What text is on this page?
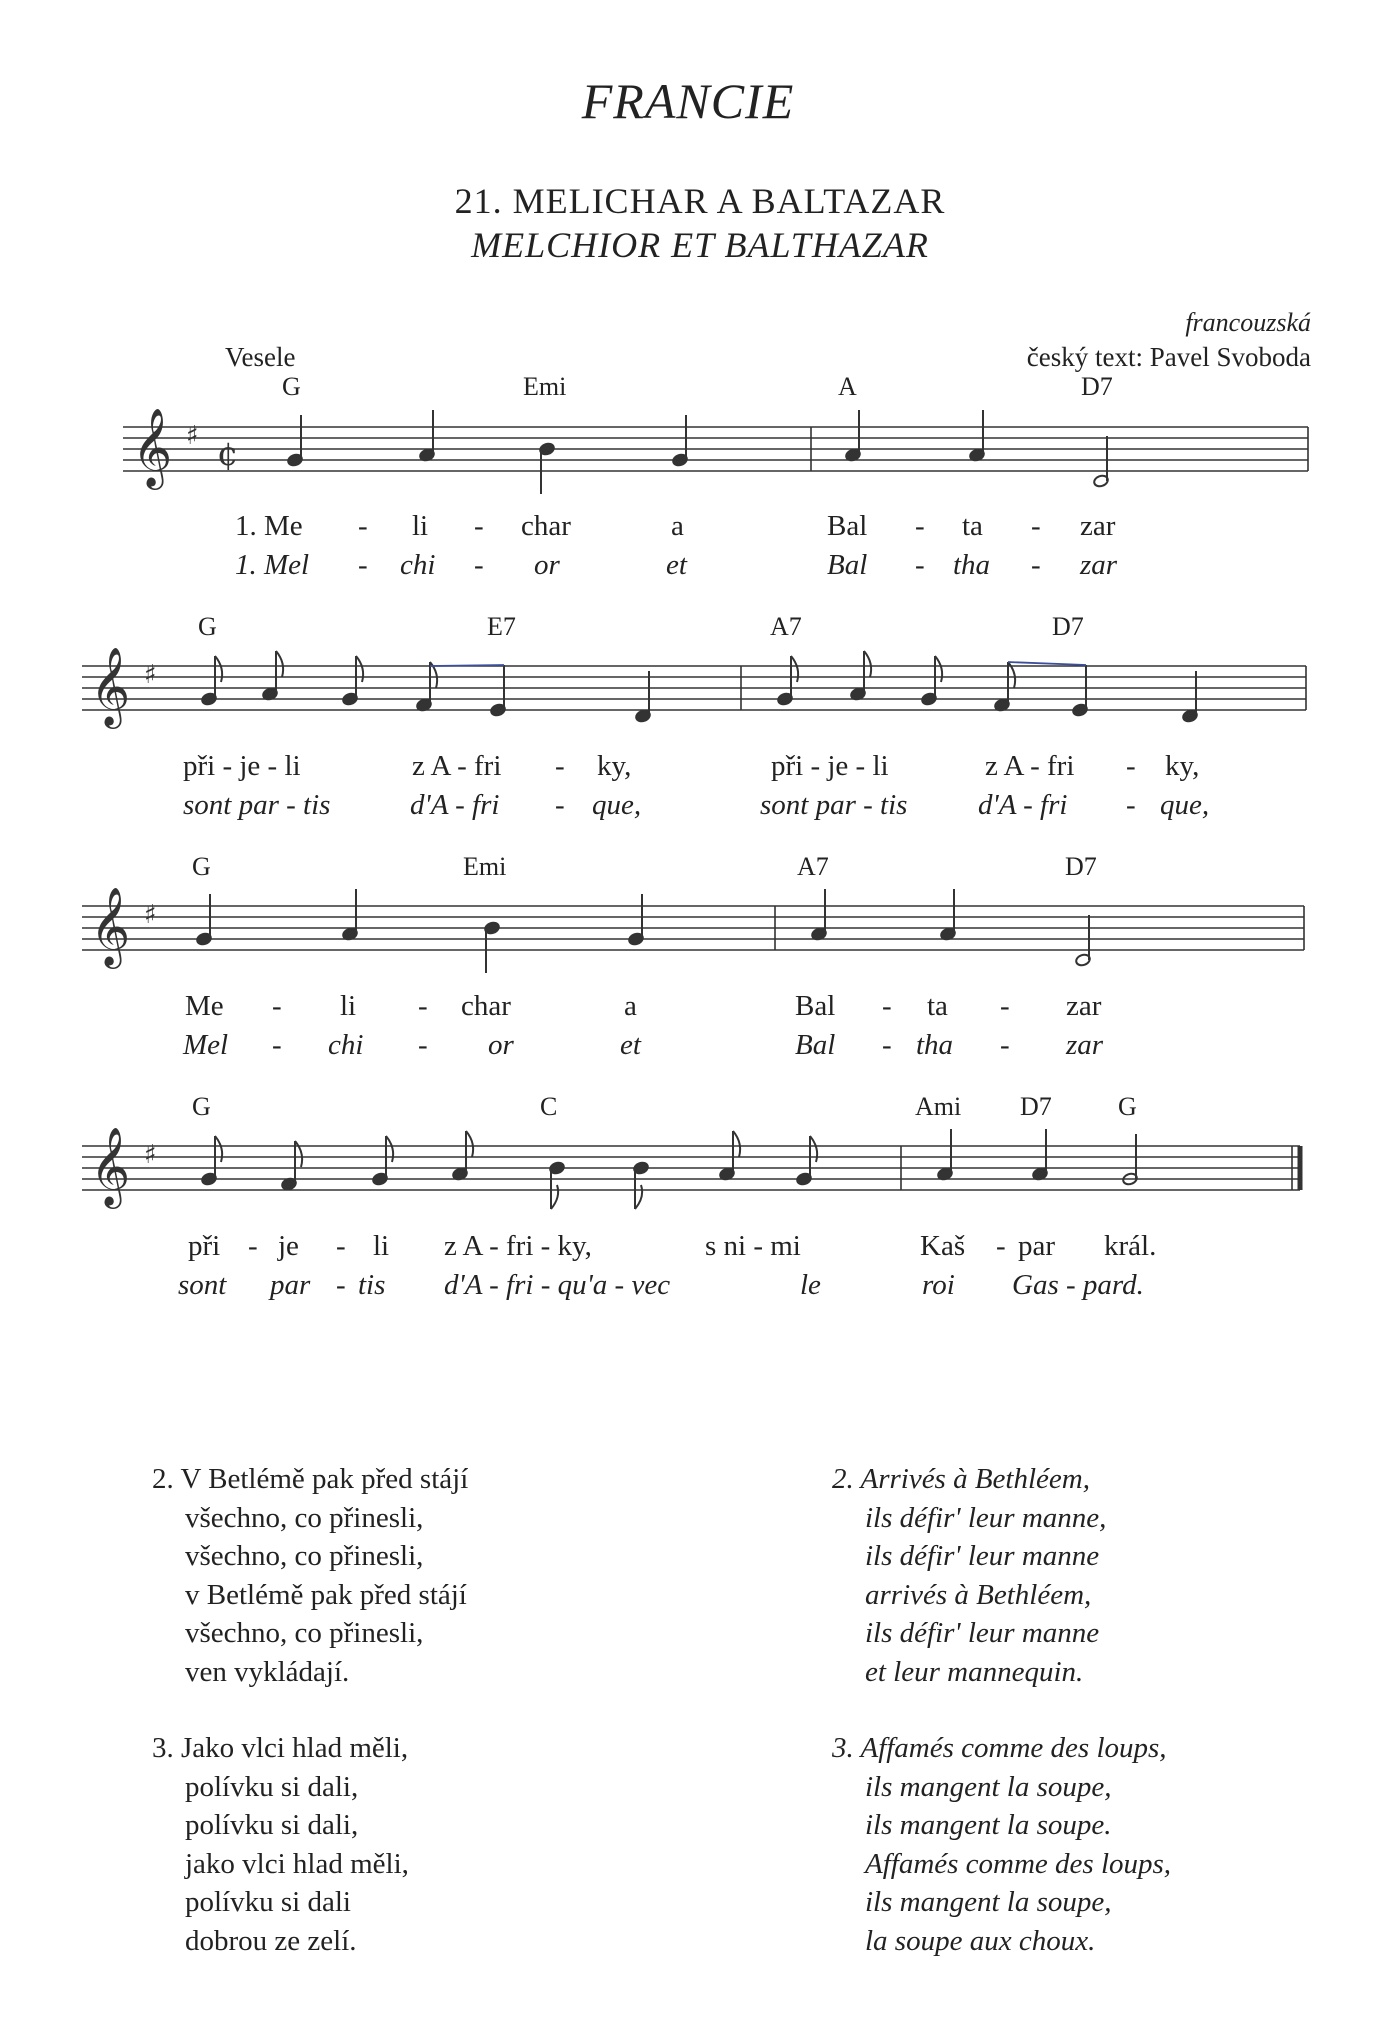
FRANCIE
21. MELICHAR A BALTAZAR
MELCHIOR ET BALTHAZAR
francouzská
český text: Pavel Svoboda
Vesele
G	Emi	A	D7
𝄞 ♯ ¢
1. Me - li - char	a	Bal - ta - zar
1. Mel - chi - or	et	Bal - tha - zar
G	E7	A7	D7
𝄞 ♯
při - je - li	z A - fri - ky,	při - je - li	z A - fri - ky,
sont par - tis	d'A - fri - que,	sont par - tis d'A - fri - que,
G	Emi	A7	D7
𝄞 ♯
Me - li - char	a	Bal - ta - zar
Mel - chi - or	et	Bal - tha - zar
G	C	Ami D7	G
𝄞 ♯
při - je - li z A - fri - ky,	s ni - mi	Kaš - par král.
sont par - tis d'A - fri - qu'a - vec	le	roi Gas - pard.
2. V Betlémě pak před stájí
všechno, co přinesli,
všechno, co přinesli,
v Betlémě pak před stájí
všechno, co přinesli,
ven vykládají.
3. Jako vlci hlad měli,
polívku si dali,
polívku si dali,
jako vlci hlad měli,
polívku si dali
dobrou ze zelí.
2. Arrivés à Bethléem,
ils défir' leur manne,
ils défir' leur manne
arrivés à Bethléem,
ils défir' leur manne
et leur mannequin.
3. Affamés comme des loups,
ils mangent la soupe,
ils mangent la soupe.
Affamés comme des loups,
ils mangent la soupe,
la soupe aux choux.
